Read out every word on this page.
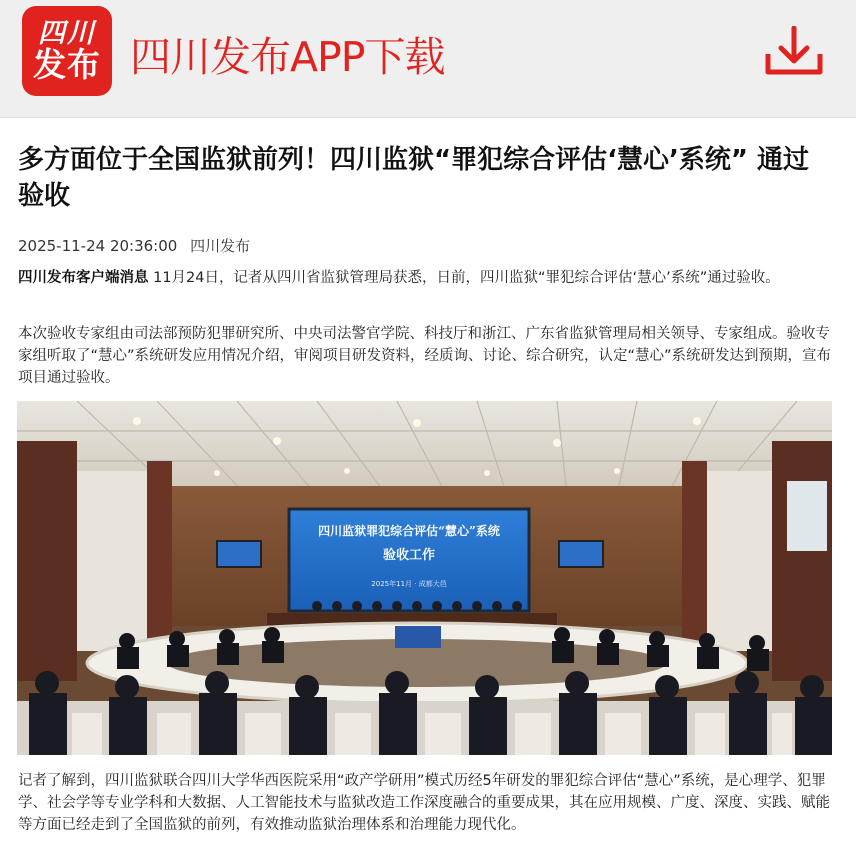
四川
发布 四川发布APP下载
多方面位于全国监狱前列！四川监狱“罪犯综合评估‘慧心’系统” 通过验收
2025-11-24 20:36:00 四川发布

四川发布客户端消息 11月24日，记者从四川省监狱管理局获悉，日前，四川监狱“罪犯综合评估‘慧心’系统”通过验收。

本次验收专家组由司法部预防犯罪研究所、中央司法警官学院、科技厅和浙江、广东省监狱管理局相关领导、专家组成。验收专家组听取了“慧心”系统研发应用情况介绍，审阅项目研发资料，经质询、讨论、综合研究，认定“慧心”系统研发达到预期，宣布项目通过验收。

四川监狱罪犯综合评估“慧心”系统
验收工作
2025年11月 · 成都大邑

记者了解到，四川监狱联合四川大学华西医院采用“政产学研用”模式历经5年研发的罪犯综合评估“慧心”系统，是心理学、犯罪学、社会学等专业学科和大数据、人工智能技术与监狱改造工作深度融合的重要成果，其在应用规模、广度、深度、实践、赋能等方面已经走到了全国监狱的前列，有效推动监狱治理体系和治理能力现代化。
